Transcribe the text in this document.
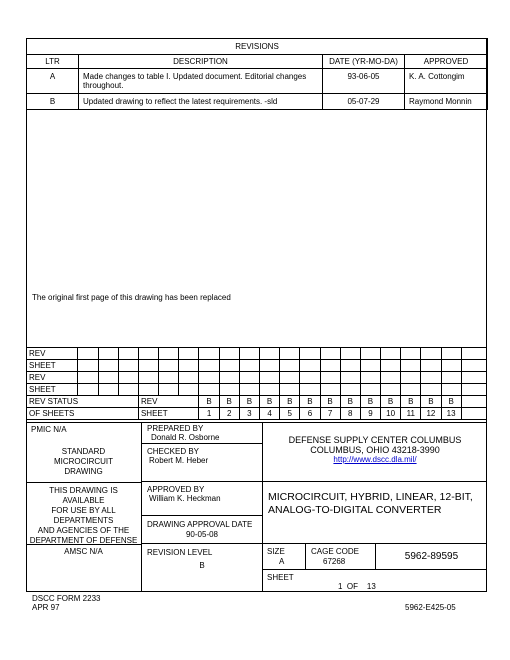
REVISIONS			
LTR	DESCRIPTION	DATE (YR-MO-DA)	APPROVED
A	Made changes to table I. Updated document. Editorial changes throughout.	93-06-05	K. A. Cottongim
B	Updated drawing to reflect the latest requirements. -sld	05-07-29	Raymond Monnin
The original first page of this drawing has been replaced
REV																				
SHEET																				
REV																				
SHEET																				
REV STATUS				REV			B	B	B	B	B	B	B	B	B	B	B	B	B	
OF SHEETS				SHEET			1	2	3	4	5	6	7	8	9	10	11	12	13	
PMIC N/A
STANDARD
MICROCIRCUIT
DRAWING
THIS DRAWING IS
AVAILABLE
FOR USE BY ALL
DEPARTMENTS
AND AGENCIES OF THE
DEPARTMENT OF DEFENSE
AMSC N/A
PREPARED BY
Donald R. Osborne
CHECKED BY
Robert M. Heber
APPROVED BY
William K. Heckman
DRAWING APPROVAL DATE
90-05-08
REVISION LEVEL
B
DEFENSE SUPPLY CENTER COLUMBUS
COLUMBUS, OHIO 43218-3990
http://www.dscc.dla.mil/
MICROCIRCUIT, HYBRID, LINEAR, 12-BIT,
ANALOG-TO-DIGITAL CONVERTER
SIZE
A
CAGE CODE
67268	5962-89595
SHEET
1  OF    13
DSCC FORM 2233
APR 97	5962-E425-05
